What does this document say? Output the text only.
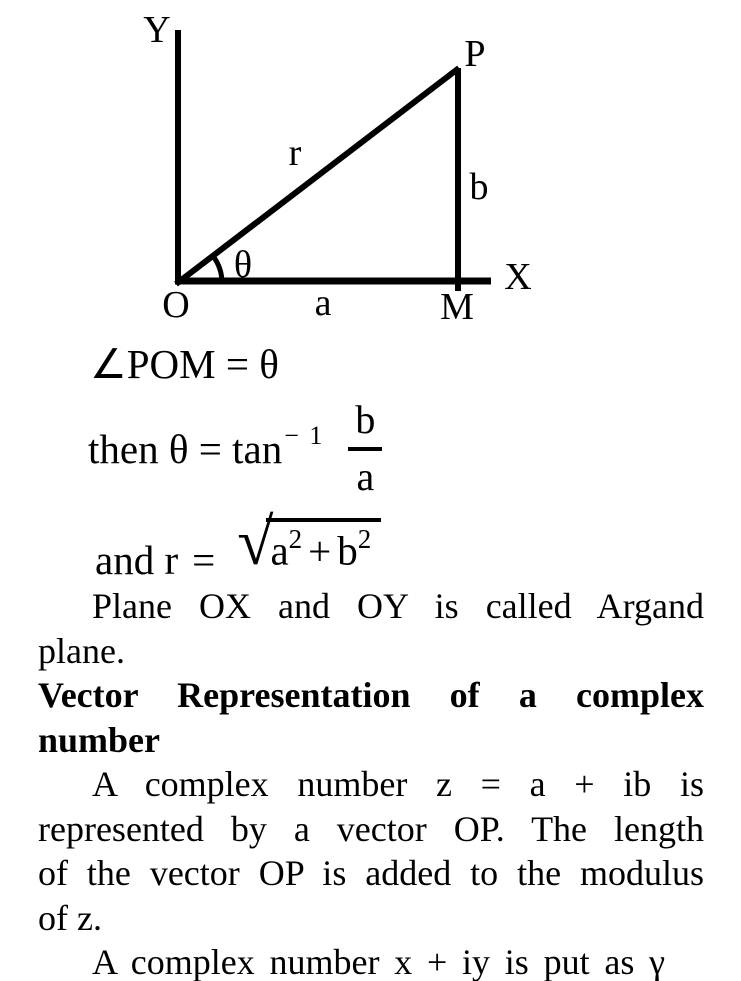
Y
P
r
b
θ	X
O	a	M
∠POM = θ
then $\theta = \tan^{- 1} \frac{b}{a}$
and r = √
$a^2 + b^2$
Plane OX and OY is called Argand
plane.
Vector Representation of a complex
number
A complex number z = a + ib is
represented by a vector OP. The length
of the vector OP is added to the modulus
of z.
A complex number x + iy is put as γ
